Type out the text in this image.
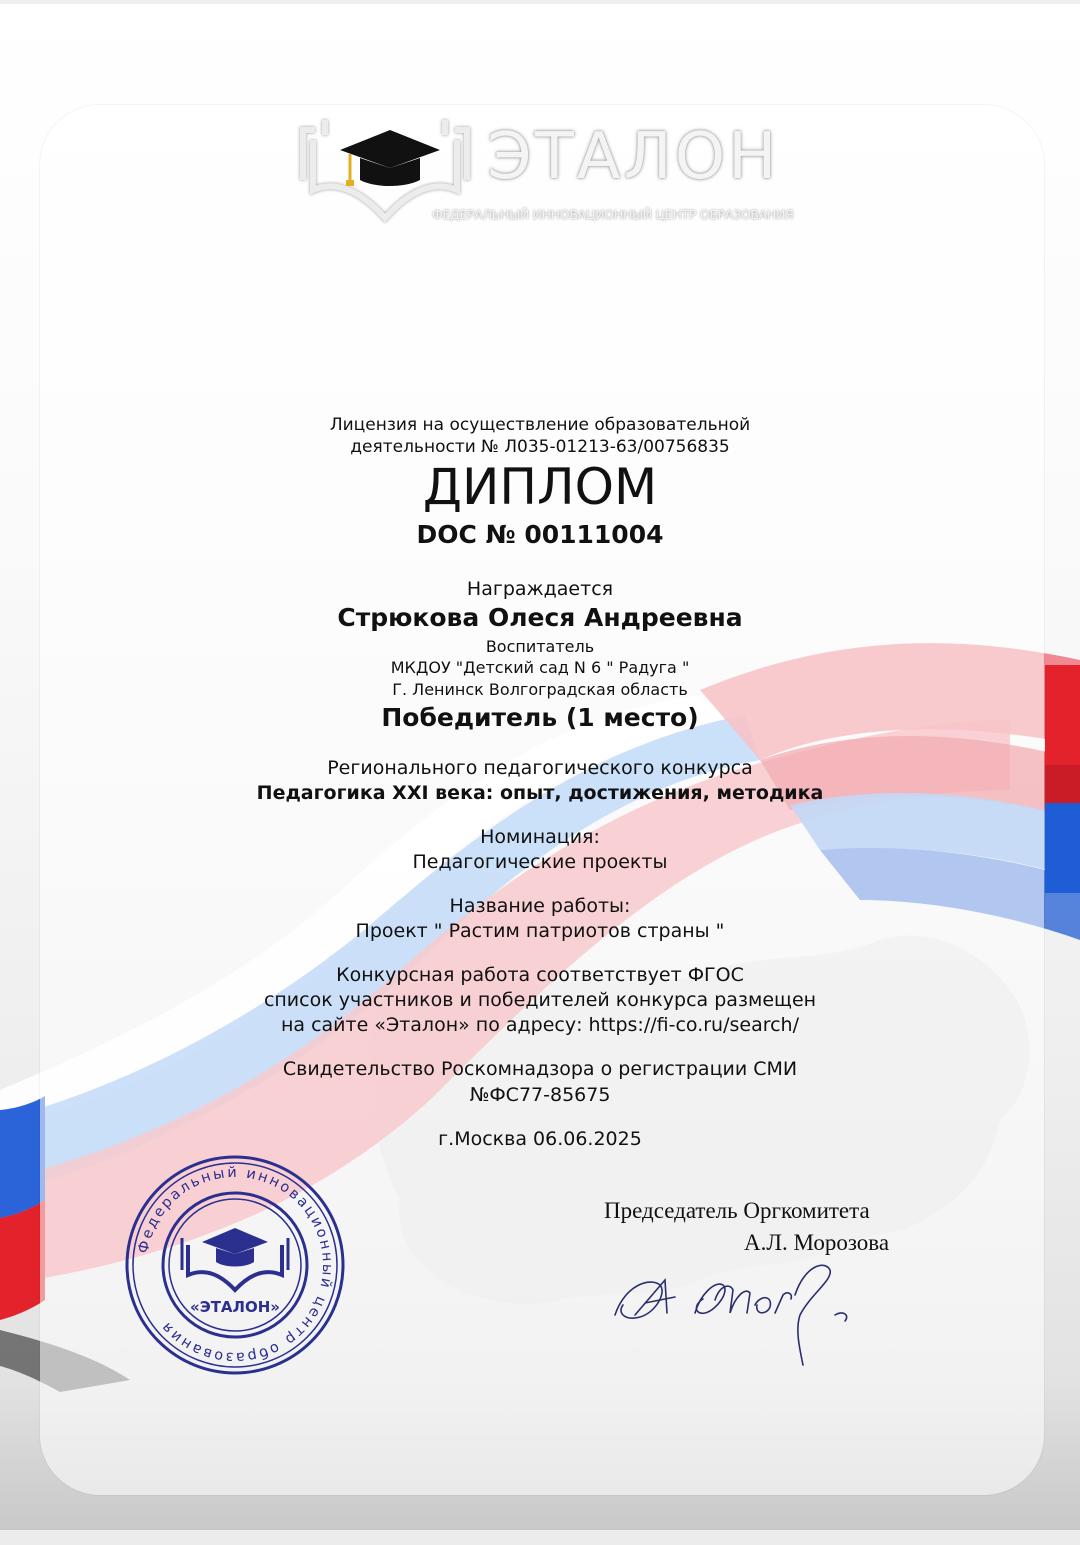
ЭТАЛОН
ФЕДЕРАЛЬНЫЙ ИННОВАЦИОННЫЙ ЦЕНТР ОБРАЗОВАНИЯ
Лицензия на осуществление образовательной
деятельности № Л035-01213-63/00756835
ДИПЛОМ
DOC № 00111004
Награждается
Стрюкова Олеся Андреевна
Воспитатель
МКДОУ "Детский сад N 6 " Радуга "
Г. Ленинск Волгоградская область
Победитель (1 место)
Регионального педагогического конкурса
Педагогика XXI века: опыт, достижения, методика
Номинация:
Педагогические проекты
Название работы:
Проект " Растим патриотов страны "
Конкурсная работа соответствует ФГОС
список участников и победителей конкурса размещен
на сайте «Эталон» по адресу: https://fi-co.ru/search/
Свидетельство Роскомнадзора о регистрации СМИ
№ФС77-85675
г.Москва 06.06.2025
Председатель Оргкомитета
А.Л. Морозова
Федеральный инновационный центр образования
«ЭТАЛОН»
